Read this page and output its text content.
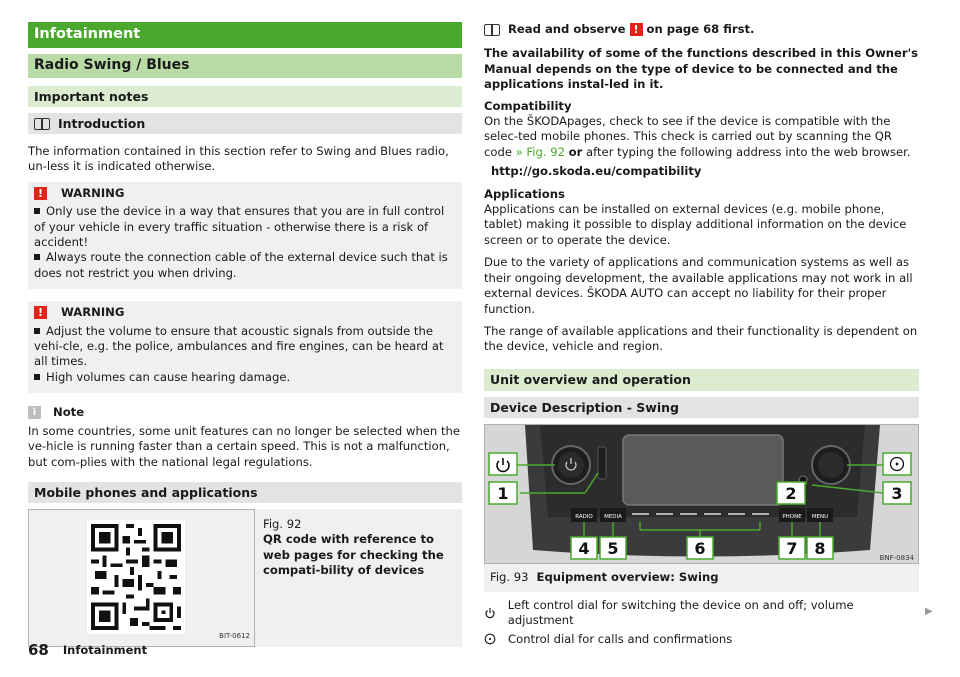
Infotainment
Radio Swing / Blues
Important notes
Introduction

The information contained in this section refer to Swing and Blues radio, un-less it is indicated otherwise.

!	WARNING
Only use the device in a way that ensures that you are in full control of your vehicle in every traffic situation - otherwise there is a risk of accident!
Always route the connection cable of the external device such that is does not restrict you when driving.
!	WARNING
Adjust the volume to ensure that acoustic signals from outside the vehi-cle, e.g. the police, ambulances and fire engines, can be heard at all times.
High volumes can cause hearing damage.
i	Note

In some countries, some unit features can no longer be selected when the ve-hicle is running faster than a certain speed. This is not a malfunction, but com-plies with the national legal regulations.

Mobile phones and applications
BIT-0612
Fig. 92
QR code with reference to web pages for checking the compati-bility of devices
Read and observe ! on page 68 first.

The availability of some of the functions described in this Owner's Manual depends on the type of device to be connected and the applications instal-led in it.

Compatibility

On the ŠKODApages, check to see if the device is compatible with the selec-ted mobile phones. This check is carried out by scanning the QR code » Fig. 92 or after typing the following address into the web browser.

http://go.skoda.eu/compatibility
Applications

Applications can be installed on external devices (e.g. mobile phone, tablet) making it possible to display additional information on the device screen or to operate the device.

Due to the variety of applications and communication systems as well as their ongoing development, the available applications may not work in all external devices. ŠKODA AUTO can accept no liability for their proper function.

The range of available applications and their functionality is dependent on the device, vehicle and region.

Unit overview and operation
Device Description - Swing
RADIO MEDIA	PHONE MENU
1	2	3
4 5	6	7 8	BNF-0834
Fig. 93 Equipment overview: Swing
Left control dial for switching the device on and off; volume adjustment
Control dial for calls and confirmations
▶
68 Infotainment
